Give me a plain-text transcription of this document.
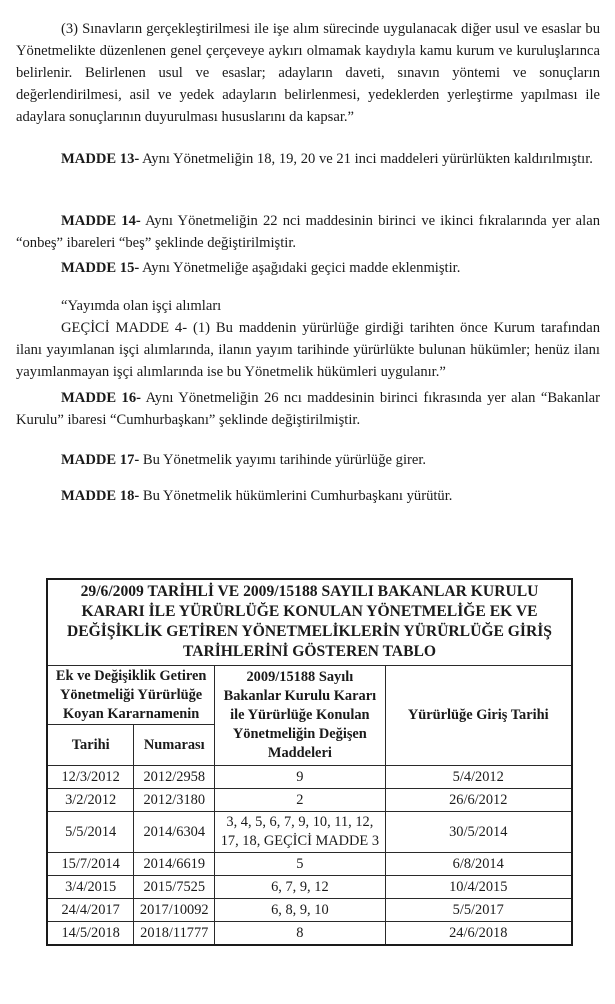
(3) Sınavların gerçekleştirilmesi ile işe alım sürecinde uygulanacak diğer usul ve esaslar bu Yönetmelikte düzenlenen genel çerçeveye aykırı olmamak kaydıyla kamu kurum ve kuruluşlarınca belirlenir. Belirlenen usul ve esaslar; adayların daveti, sınavın yöntemi ve sonuçların değerlendirilmesi, asil ve yedek adayların belirlenmesi, yedeklerden yerleştirme yapılması ile adaylara sonuçlarının duyurulması hususlarını da kapsar.”

MADDE 13- Aynı Yönetmeliğin 18, 19, 20 ve 21 inci maddeleri yürürlükten kaldırılmıştır.

MADDE 14- Aynı Yönetmeliğin 22 nci maddesinin birinci ve ikinci fıkralarında yer alan “onbeş” ibareleri “beş” şeklinde değiştirilmiştir.

MADDE 15- Aynı Yönetmeliğe aşağıdaki geçici madde eklenmiştir.

“Yayımda olan işçi alımları

GEÇİCİ MADDE 4- (1) Bu maddenin yürürlüğe girdiği tarihten önce Kurum tarafından ilanı yayımlanan işçi alımlarında, ilanın yayım tarihinde yürürlükte bulunan hükümler; henüz ilanı yayımlanmayan işçi alımlarında ise bu Yönetmelik hükümleri uygulanır.”

MADDE 16- Aynı Yönetmeliğin 26 ncı maddesinin birinci fıkrasında yer alan “Bakanlar Kurulu” ibaresi “Cumhurbaşkanı” şeklinde değiştirilmiştir.

MADDE 17- Bu Yönetmelik yayımı tarihinde yürürlüğe girer.

MADDE 18- Bu Yönetmelik hükümlerini Cumhurbaşkanı yürütür.

29/6/2009 TARİHLİ VE 2009/15188 SAYILI BAKANLAR KURULU KARARI İLE YÜRÜRLÜĞE KONULAN YÖNETMELİĞE EK VE DEĞİŞİKLİK GETİREN YÖNETMELİKLERİN YÜRÜRLÜĞE GİRİŞ TARİHLERİNİ GÖSTEREN TABLO			
Ek ve Değişiklik Getiren Yönetmeliği Yürürlüğe Koyan Kararnamenin		2009/15188 Sayılı Bakanlar Kurulu Kararı ile Yürürlüğe Konulan Yönetmeliğin Değişen Maddeleri	Yürürlüğe Giriş Tarihi
Tarihi	Numarası		
12/3/2012	2012/2958	9	5/4/2012
3/2/2012	2012/3180	2	26/6/2012
5/5/2014	2014/6304	3, 4, 5, 6, 7, 9, 10, 11, 12, 17, 18, GEÇİCİ MADDE 3	30/5/2014
15/7/2014	2014/6619	5	6/8/2014
3/4/2015	2015/7525	6, 7, 9, 12	10/4/2015
24/4/2017	2017/10092	6, 8, 9, 10	5/5/2017
14/5/2018	2018/11777	8	24/6/2018
